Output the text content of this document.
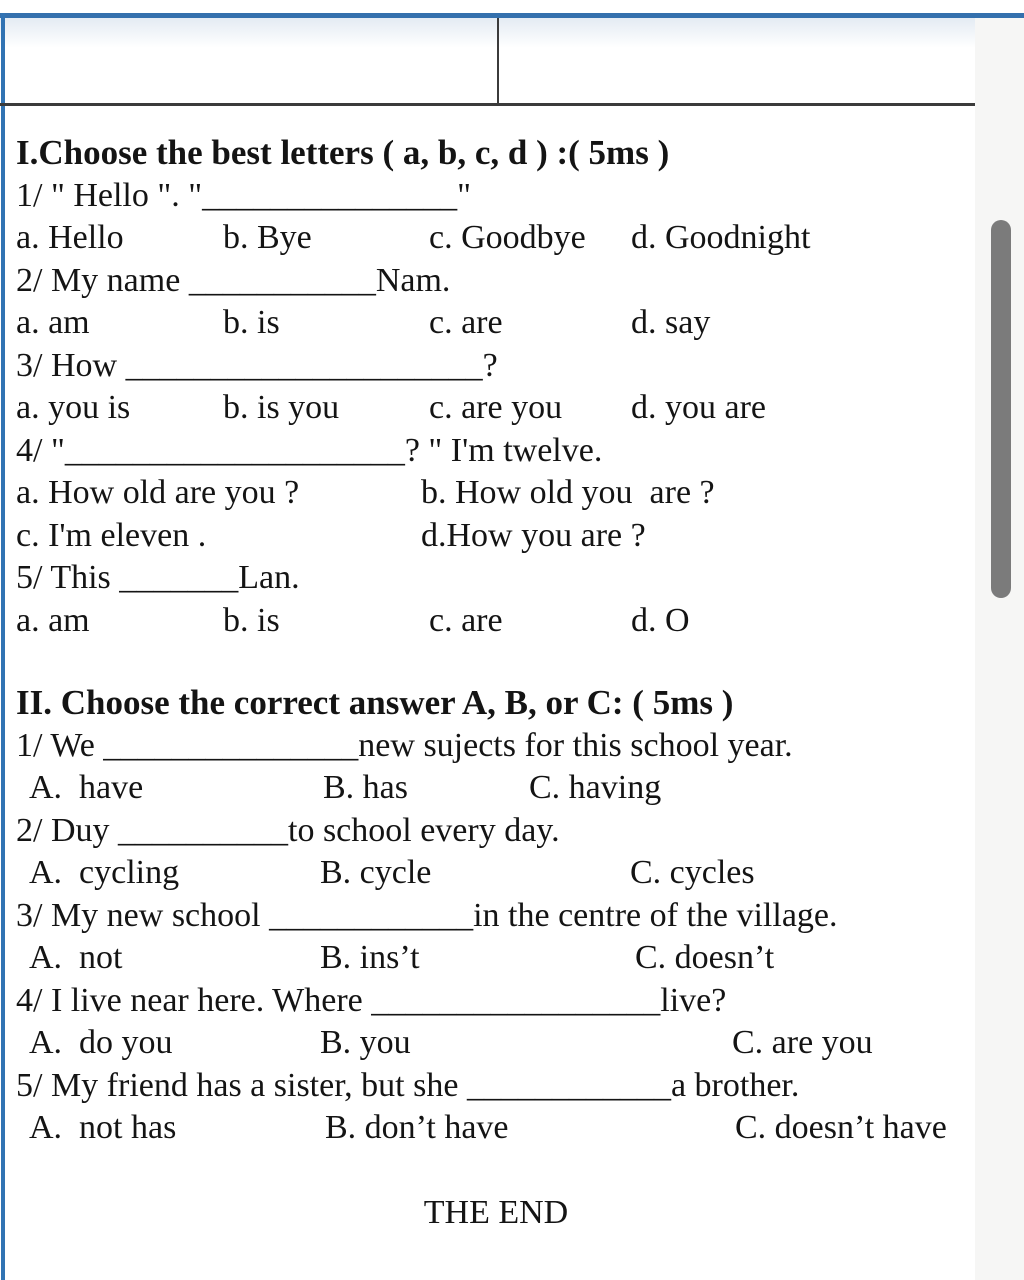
I.Choose the best letters ( a, b, c, d ) :( 5ms )
1/ " Hello ". "_______________"
a. Hello	b. Bye	c. Goodbye	d. Goodnight
2/ My name ___________Nam.
a. am	b. is	c. are	d. say
3/ How _____________________?
a. you is	b. is you	c. are you	d. you are
4/ "____________________? " I'm twelve.
a. How old are you ?	b. How old you  are ?
c. I'm eleven .	d.How you are ?
5/ This _______Lan.
a. am	b. is	c. are	d. O
II. Choose the correct answer A, B, or C: ( 5ms )
1/ We _______________new sujects for this school year.
A.  have	B. has	C. having
2/ Duy __________to school every day.
A.  cycling	B. cycle	C. cycles
3/ My new school ____________in the centre of the village.
A.  not	B. ins’t	C. doesn’t
4/ I live near here. Where _________________live?
A.  do you	B. you	C. are you
5/ My friend has a sister, but she ____________a brother.
A.  not has	B. don’t have	C. doesn’t have
THE END
